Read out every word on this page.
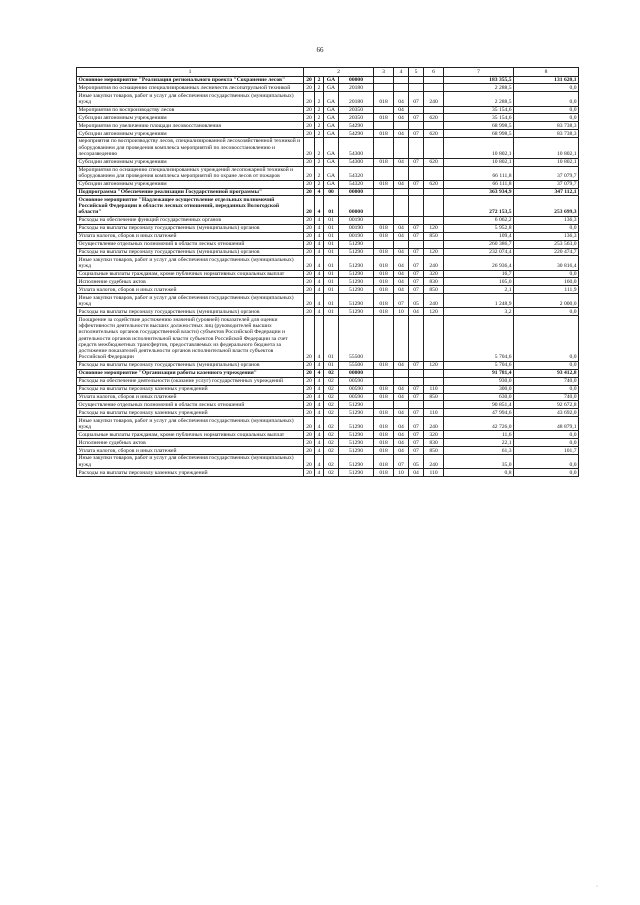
66
1	2				3	4	5	6	7	8
Основное мероприятие "Реализация регионального проекта "Сохранение лесов"	20	2	GA	00000					183 355,5	131 620,1
Мероприятия по оснащению специализированных лесничеств лесопатрульной техникой	20	2	GA	20180					2 288,5	0,0
Иные закупки товаров, работ и услуг для обеспечения государственных (муниципальных) нужд	20	2	GA	20180	018	04	07	240	2 288,5	0,0
Мероприятия по воспроизводству лесов	20	2	GA	20350		04			35 154,6	0,0
Субсидии автономным учреждениям	20	2	GA	20350	018	04	07	620	35 154,6	0,0
Мероприятия по увеличению площади лесовосстановления	20	2	GA	54290					68 998,5	83 738,3
Субсидии автономным учреждениям	20	2	GA	54290	018	04	07	620	68 998,5	83 738,3
мероприятия по воспроизводству лесов, специализированной лесохозяйственной техникой и оборудованием для проведения комплекса мероприятий по лесовосстановлению и лесоразведению	20	2	GA	54300					10 802,1	10 802,1
Субсидии автономным учреждениям	20	2	GA	54300	018	04	07	620	10 802,1	10 802,1
Мероприятия по оснащению специализированных учреждений лесопожарной техникой и оборудованием для проведения комплекса мероприятий по охране лесов от пожаров	20	2	GA	54320					66 111,8	37 079,7
Субсидии автономным учреждениям	20	2	GA	54320	018	04	07	620	66 111,8	37 079,7
Подпрограмма "Обеспечение реализации Государственной программы"	20	4	00	00000					363 934,9	347 112,1
Основное мероприятие "Надлежащее осуществление отдельных полномочий Российской Федерации в области лесных отношений, переданных Вологодской области"	20	4	01	00000					272 153,5	253 699,3
Расходы на обеспечение функций государственных органов	20	4	01	00190					6 062,2	136,3
Расходы на выплаты персоналу государственных (муниципальных) органов	20	4	01	00190	018	04	07	120	5 952,8	0,0
Уплата налогов, сборов и иных платежей	20	4	01	00190	018	04	07	850	109,4	136,3
Осуществление отдельных полномочий в области лесных отношений	20	4	01	51290					260 386,7	253 563,0
Расходы на выплаты персоналу государственных (муниципальных) органов	20	4	01	51290	018	04	07	120	232 074,4	220 474,7
Иные закупки товаров, работ и услуг для обеспечения государственных (муниципальных) нужд	20	4	01	51290	018	04	07	240	26 936,4	30 816,4
Социальные выплаты гражданам, кроме публичных нормативных социальных выплат	20	4	01	51290	018	04	07	320	16,7	0,0
Исполнение судебных актов	20	4	01	51290	018	04	07	830	105,0	160,0
Уплата налогов, сборов и иных платежей	20	4	01	51290	018	04	07	850	2,1	111,9
Иные закупки товаров, работ и услуг для обеспечения государственных (муниципальных) нужд	20	4	01	51290	018	07	05	240	1 248,9	2 000,0
Расходы на выплаты персоналу государственных (муниципальных) органов	20	4	01	51290	018	10	04	120	3,2	0,0
Поощрение за содействие достижению значений (уровней) показателей для оценки эффективности деятельности высших должностных лиц (руководителей высших исполнительных органов государственной власти) субъектов Российской Федерации и деятельности органов исполнительной власти субъектов Российской Федерации за счет средств межбюджетных трансфертов, предоставляемых из федерального бюджета за достижение показателей деятельности органов исполнительной власти субъектов Российской Федерации	20	4	01	55500					5 704,6	0,0
Расходы на выплаты персоналу государственных (муниципальных) органов	20	4	01	55500	018	04	07	120	5 704,6	0,0
Основное мероприятие "Организация работы казенного учреждения"	20	4	02	00000					91 781,4	93 412,8
Расходы на обеспечение деятельности (оказание услуг) государственных учреждений	20	4	02	00590					930,0	740,0
Расходы на выплаты персоналу казенных учреждений	20	4	02	00590	018	04	07	110	300,0	0,0
Уплата налогов, сборов и иных платежей	20	4	02	00590	018	04	07	850	630,0	740,0
Осуществление отдельных полномочий в области лесных отношений	20	4	02	51290					90 851,4	92 672,8
Расходы на выплаты персоналу казенных учреждений	20	4	02	51290	018	04	07	110	47 994,6	43 692,0
Иные закупки товаров, работ и услуг для обеспечения государственных (муниципальных) нужд	20	4	02	51290	018	04	07	240	42 726,0	48 879,1
Социальные выплаты гражданам, кроме публичных нормативных социальных выплат	20	4	02	51290	018	04	07	320	11,6	0,0
Исполнение судебных актов	20	4	02	51290	018	04	07	830	22,1	0,0
Уплата налогов, сборов и иных платежей	20	4	02	51290	018	04	07	850	61,3	101,7
Иные закупки товаров, работ и услуг для обеспечения государственных (муниципальных) нужд	20	4	02	51290	018	07	05	240	35,0	0,0
Расходы на выплаты персоналу казенных учреждений	20	4	02	51290	018	10	04	110	0,8	0,0
·
